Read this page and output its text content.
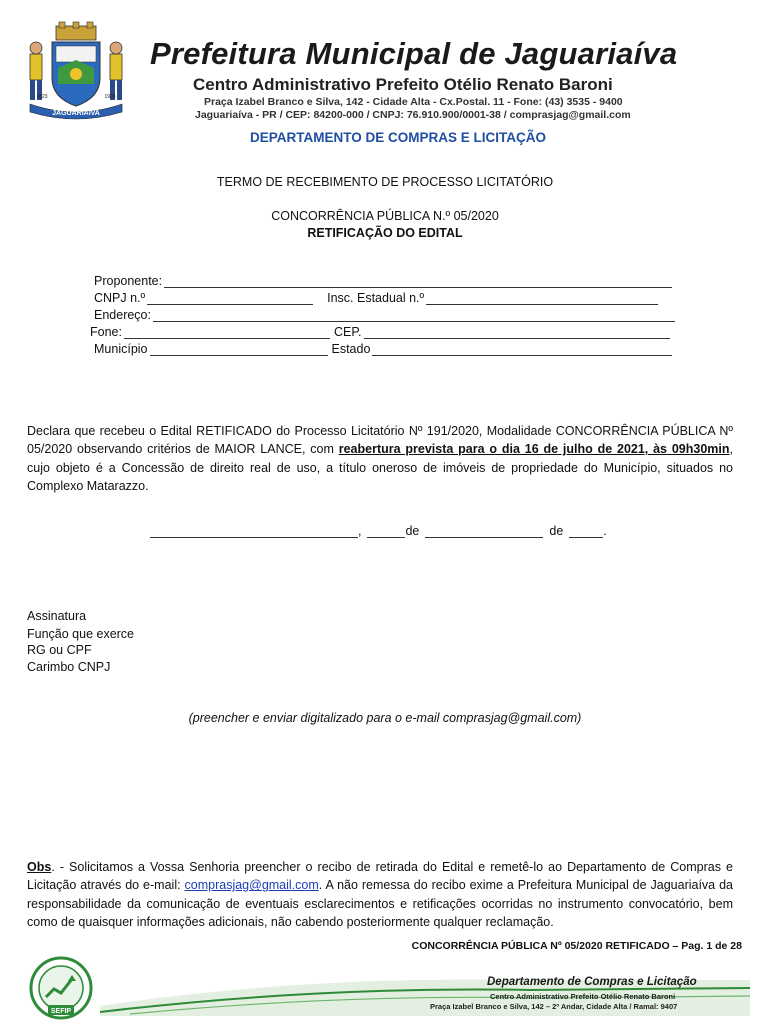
JAGUARIAÍVA
1823	1908
Prefeitura Municipal de Jaguariaíva
Centro Administrativo Prefeito Otélio Renato Baroni
Praça Izabel Branco e Silva, 142 - Cidade Alta - Cx.Postal. 11 - Fone: (43) 3535 - 9400
Jaguariaíva - PR / CEP: 84200-000 / CNPJ: 76.910.900/0001-38 / comprasjag@gmail.com
DEPARTAMENTO DE COMPRAS E LICITAÇÃO
TERMO DE RECEBIMENTO DE PROCESSO LICITATÓRIO
CONCORRÊNCIA PÚBLICA N.º 05/2020
RETIFICAÇÃO DO EDITAL
Proponente:
CNPJ n.º	Insc. Estadual n.º
Endereço:
Fone:	CEP.
Município	Estado
Declara que recebeu o Edital RETIFICADO do Processo Licitatório Nº 191/2020, Modalidade CONCORRÊNCIA PÚBLICA Nº 05/2020 observando critérios de MAIOR LANCE, com reabertura prevista para o dia 16 de julho de 2021, às 09h30min, cujo objeto é a Concessão de direito real de uso, a título oneroso de imóveis de propriedade do Município, situados no Complexo Matarazzo.
,	de	de	.
Assinatura
Função que exerce
RG ou CPF
Carimbo CNPJ
(preencher e enviar digitalizado para o e-mail comprasjag@gmail.com)
Obs. - Solicitamos a Vossa Senhoria preencher o recibo de retirada do Edital e remetê-lo ao Departamento de Compras e Licitação através do e-mail: comprasjag@gmail.com. A não remessa do recibo exime a Prefeitura Municipal de Jaguariaíva da responsabilidade da comunicação de eventuais esclarecimentos e retificações ocorridas no instrumento convocatório, bem como de quaisquer informações adicionais, não cabendo posteriormente qualquer reclamação.
CONCORRÊNCIA PÚBLICA Nº 05/2020 RETIFICADO – Pag. 1 de 28
SEFIP
Departamento de Compras e Licitação
Centro Administrativo Prefeito Otélio Renato Baroni
Praça Izabel Branco e Silva, 142 – 2º Andar, Cidade Alta / Ramal: 9407
